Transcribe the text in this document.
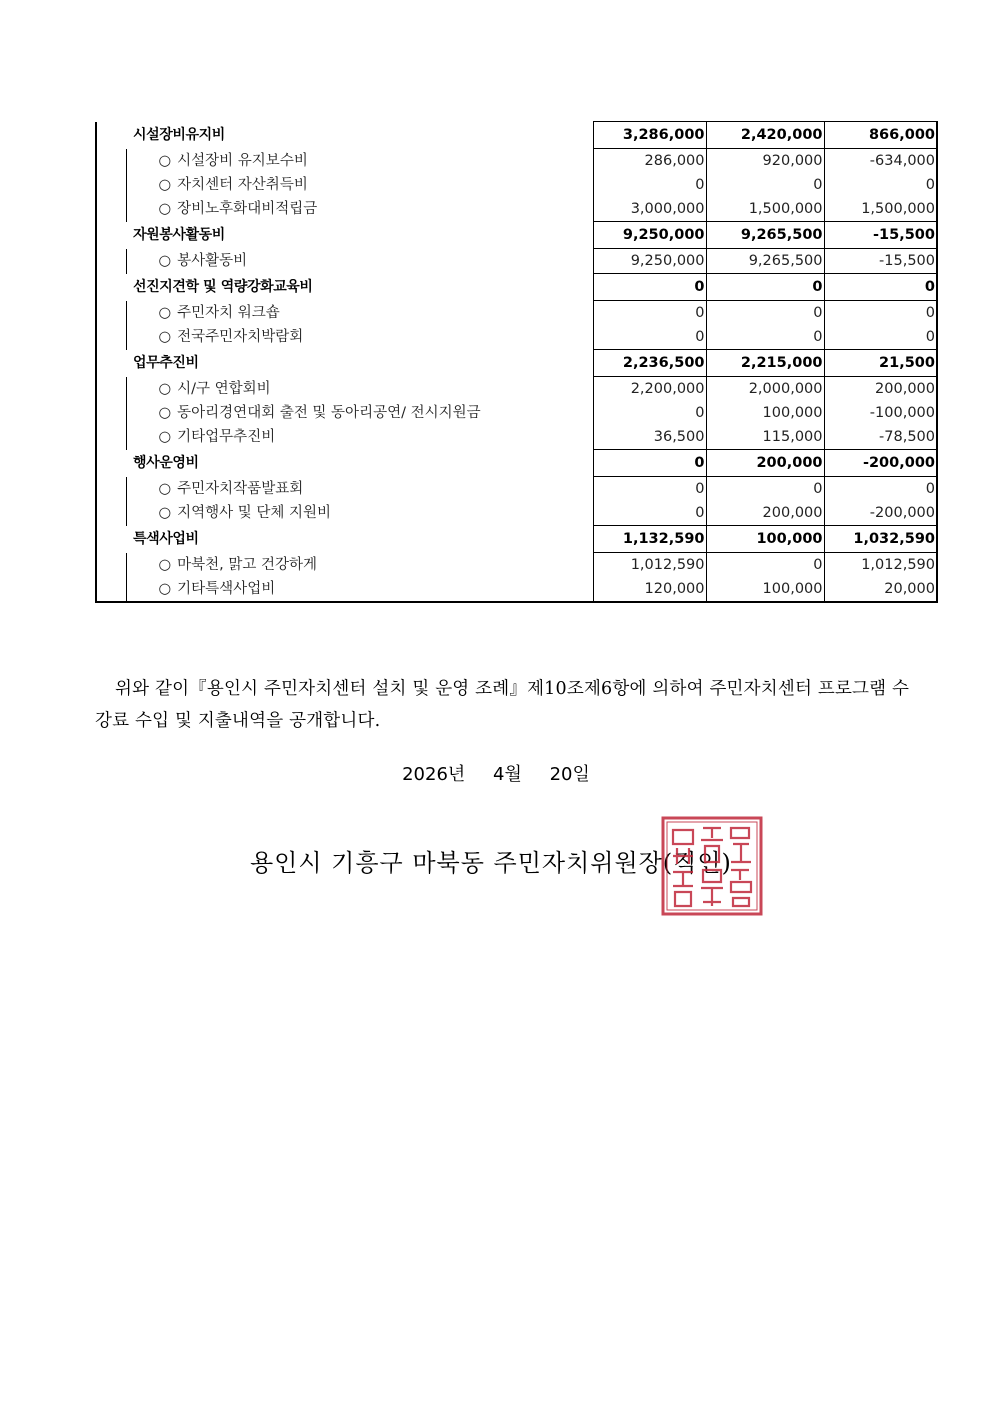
시설장비유지비		3,286,000	2,420,000	866,000
	○ 시설장비 유지보수비	286,000	920,000	-634,000
	○ 자치센터 자산취득비	0	0	0
	○ 장비노후화대비적립금	3,000,000	1,500,000	1,500,000
자원봉사활동비		9,250,000	9,265,500	-15,500
	○ 봉사활동비	9,250,000	9,265,500	-15,500
선진지견학 및 역량강화교육비		0	0	0
	○ 주민자치 워크숍	0	0	0
	○ 전국주민자치박람회	0	0	0
업무추진비		2,236,500	2,215,000	21,500
	○ 시/구 연합회비	2,200,000	2,000,000	200,000
	○ 동아리경연대회 출전 및 동아리공연/ 전시지원금	0	100,000	-100,000
	○ 기타업무추진비	36,500	115,000	-78,500
행사운영비		0	200,000	-200,000
	○ 주민자치작품발표회	0	0	0
	○ 지역행사 및 단체 지원비	0	200,000	-200,000
특색사업비		1,132,590	100,000	1,032,590
	○ 마북천, 맑고 건강하게	1,012,590	0	1,012,590
	○ 기타특색사업비	120,000	100,000	20,000

위와 같이『용인시 주민자치센터 설치 및 운영 조례』제10조제6항에 의하여 주민자치센터 프로그램 수강료 수입 및 지출내역을 공개합니다.

2026년 4월 20일
용인시 기흥구 마북동 주민자치위원장(직인)
